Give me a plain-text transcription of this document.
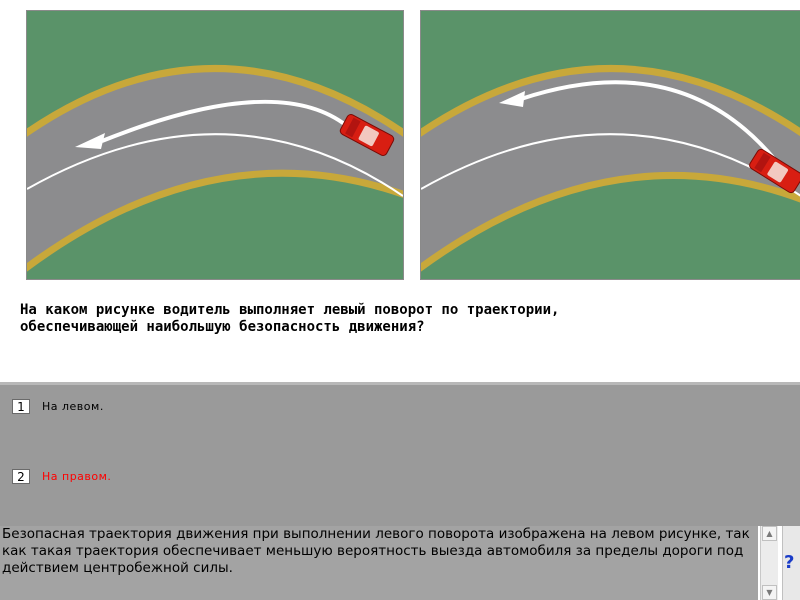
На каком рисунке водитель выполняет левый поворот по траектории,
обеспечивающей наибольшую безопасность движения?
1	На левом.
2	На правом.
Безопасная траектория движения при выполнении левого поворота изображена на левом рисунке, так как такая траектория обеспечивает меньшую вероятность выезда автомобиля за пределы дороги под действием центробежной силы.
▲
▼
?
